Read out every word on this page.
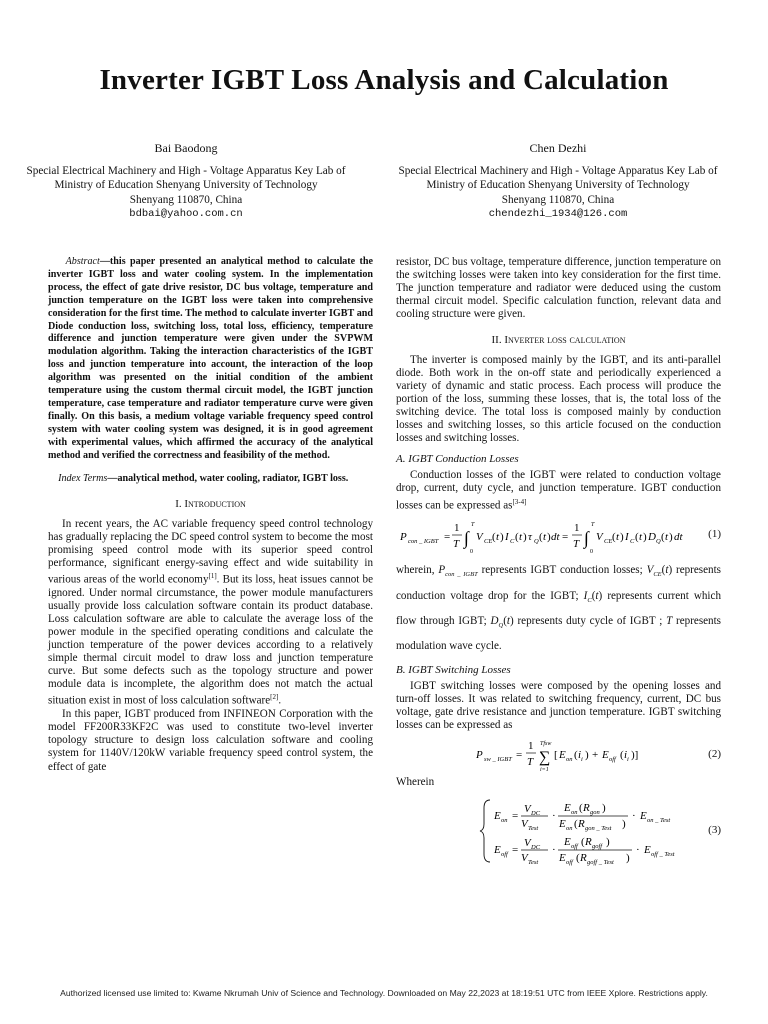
Inverter IGBT Loss Analysis and Calculation
Bai Baodong
Special Electrical Machinery and High - Voltage Apparatus Key Lab of Ministry of Education Shenyang University of Technology
Shenyang 110870, China
bdbai@yahoo.com.cn
Chen Dezhi
Special Electrical Machinery and High - Voltage Apparatus Key Lab of Ministry of Education Shenyang University of Technology
Shenyang 110870, China
chendezhi_1934@126.com
Abstract—this paper presented an analytical method to calculate the inverter IGBT loss and water cooling system. In the implementation process, the effect of gate drive resistor, DC bus voltage, temperature and junction temperature on the IGBT loss were taken into comprehensive consideration for the first time. The method to calculate inverter IGBT and Diode conduction loss, switching loss, total loss, efficiency, temperature difference and junction temperature were given under the SVPWM modulation algorithm. Taking the interaction characteristics of the IGBT loss and junction temperature into account, the interaction of the loop algorithm was presented on the initial condition of the ambient temperature using the custom thermal circuit model, the IGBT junction temperature, case temperature and radiator temperature curve were given finally. On this basis, a medium voltage variable frequency speed control system with water cooling system was designed, it is in good agreement with experimental values, which affirmed the accuracy of the analytical method and verified the correctness and feasibility of the method.
Index Terms—analytical method, water cooling, radiator, IGBT loss.
I. Introduction

In recent years, the AC variable frequency speed control technology has gradually replacing the DC speed control system to become the most promising speed control mode with its superior speed control performance, significant energy-saving effect and wide suitability in various areas of the world economy[1]. But its loss, heat issues cannot be ignored. Under normal circumstance, the power module manufacturers usually provide loss calculation software contain its product database. Loss calculation software are able to calculate the average loss of the power module in the specified operating conditions and calculate the junction temperature of the power devices according to a relatively simple thermal circuit model to draw loss and junction temperature curve. But some defects such as the topology structure and power module data is incomplete, the algorithm does not match the actual situation exist in most of loss calculation software[2].

In this paper, IGBT produced from INFINEON Corporation with the model FF200R33KF2C was used to constitute two-level inverter topology structure to design loss calculation software and cooling system for 1140V/120kW variable frequency speed control system, the effect of gate

resistor, DC bus voltage, temperature difference, junction temperature on the switching losses were taken into key consideration for the first time. The junction temperature and radiator were deduced using the custom thermal circuit model. Specific calculation function, relevant data and cooling structure were given.

II. Inverter loss calculation

The inverter is composed mainly by the IGBT, and its anti-parallel diode. Both work in the on-off state and periodically experienced a variety of dynamic and static process. Each process will produce the portion of the loss, summing these losses, that is, the total loss of the switching device. The total loss is composed mainly by conduction losses and switching losses, so this article focused on the conduction losses and switching losses.

A. IGBT Conduction Losses

Conduction losses of the IGBT were related to conduction voltage drop, current, duty cycle, and junction temperature. IGBT conduction losses can be expressed as[3-4]

P con _ IGBT =
1
T ∫
T
0
V CE ( t ) I C ( t ) τ Q ( t ) dt =
1
T ∫
T
0
V CE ( t ) I C ( t ) D Q ( t ) dt (1)

wherein, $P_{con \_ IGBT}$ represents IGBT conduction losses; $V_{CE}(t)$ represents conduction voltage drop for the IGBT; $I_C(t)$ represents current which flow through IGBT; $D_Q(t)$ represents duty cycle of IGBT ; T represents modulation wave cycle.

B. IGBT Switching Losses

IGBT switching losses were composed by the opening losses and turn-off losses. It was related to switching frequency, current, DC bus voltage, gate drive resistance and junction temperature. IGBT switching losses can be expressed as

P sw _ IGBT =
1
T
Tfsw
∑
i=1
[ E on ( i i ) + E off ( i i )]	(2)

Wherein

E on =
V DC
V Test
·
E on ( R gon )
E on ( R gon _ Test )
· E on _ Test
E off =
V DC
V Test
·
E off ( R goff )
E off ( R goff _ Test )
· E off _ Test
(3)
Authorized licensed use limited to: Kwame Nkrumah Univ of Science and Technology. Downloaded on May 22,2023 at 18:19:51 UTC from IEEE Xplore. Restrictions apply.
